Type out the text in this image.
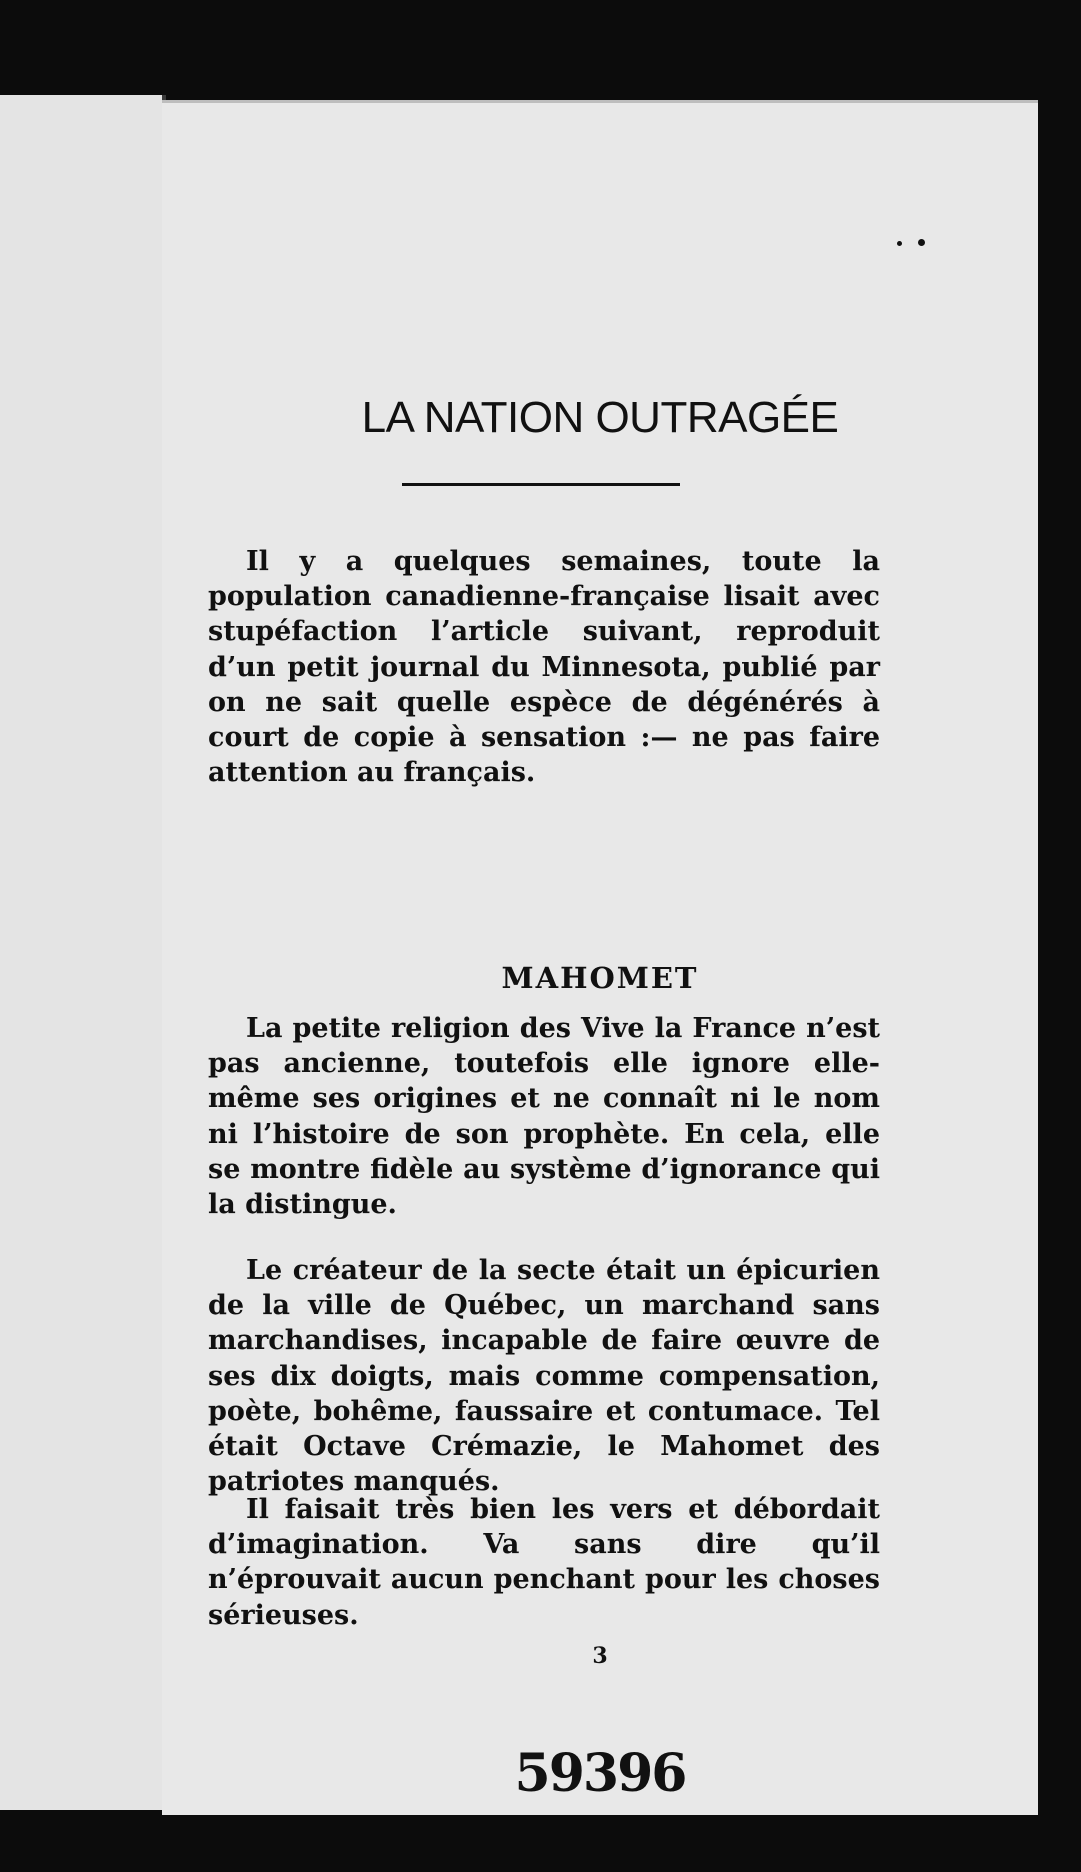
LA NATION OUTRAGÉE

Il y a quelques semaines, toute la population canadienne-française lisait avec stupéfaction l’article suivant, reproduit d’un petit journal du Minnesota, publié par on ne sait quelle espèce de dégénérés à court de copie à sensation :— ne pas faire attention au français.

MAHOMET

La petite religion des Vive la France n’est pas ancienne, toutefois elle ignore elle-même ses origines et ne connaît ni le nom ni l’histoire de son prophète. En cela, elle se montre fidèle au système d’ignorance qui la distingue.

Le créateur de la secte était un épicurien de la ville de Québec, un marchand sans marchandises, incapable de faire œuvre de ses dix doigts, mais comme compensation, poète, bohême, faussaire et contumace. Tel était Octave Crémazie, le Mahomet des patriotes manqués.

Il faisait très bien les vers et débordait d’imagination. Va sans dire qu’il n’éprouvait aucun penchant pour les choses sérieuses.

3
59396
